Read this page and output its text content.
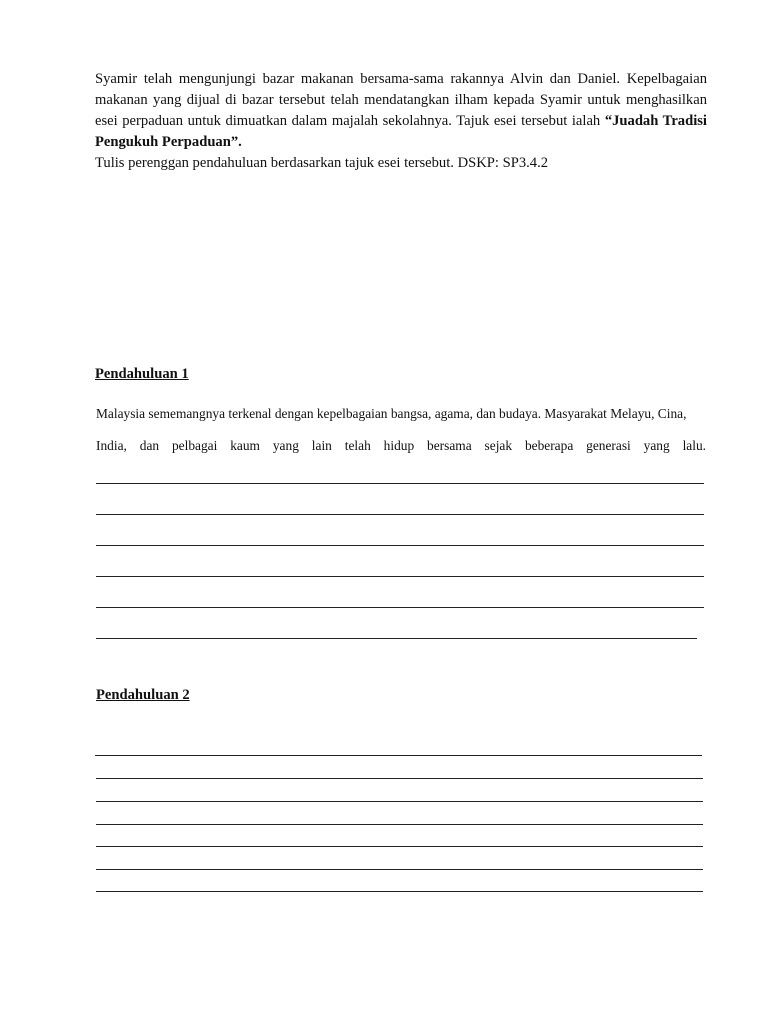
Syamir telah mengunjungi bazar makanan bersama-sama rakannya Alvin dan Daniel. Kepelbagaian makanan yang dijual di bazar tersebut telah mendatangkan ilham kepada Syamir untuk menghasilkan esei perpaduan untuk dimuatkan dalam majalah sekolahnya. Tajuk esei tersebut ialah “Juadah Tradisi Pengukuh Perpaduan”.

Tulis perenggan pendahuluan berdasarkan tajuk esei tersebut. DSKP: SP3.4.2

Pendahuluan 1

Malaysia sememangnya terkenal dengan kepelbagaian bangsa, agama, dan budaya. Masyarakat Melayu, Cina,

India, dan pelbagai kaum yang lain telah hidup bersama sejak beberapa generasi yang lalu.

Pendahuluan 2
